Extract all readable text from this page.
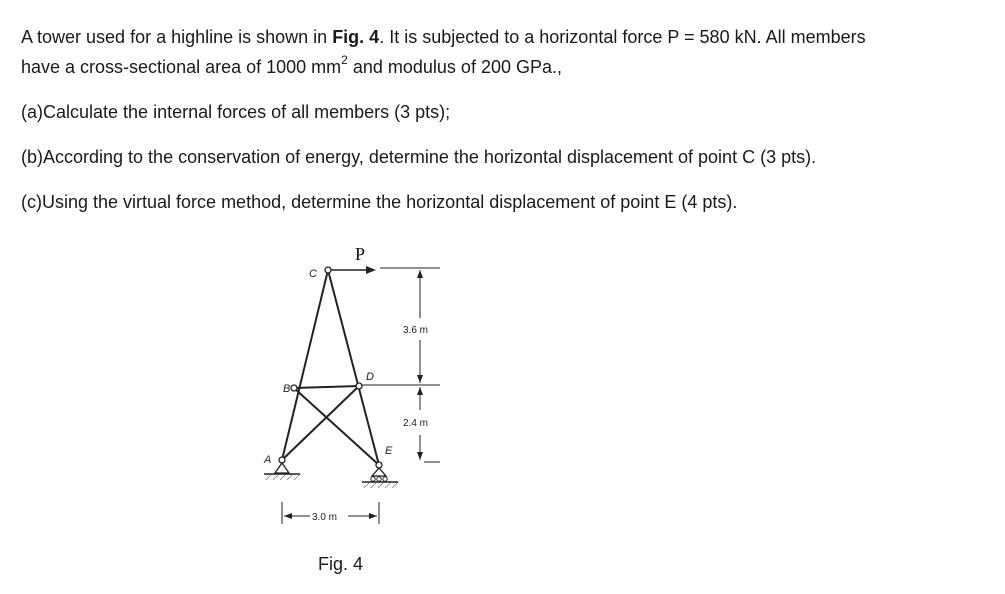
A tower used for a highline is shown in Fig. 4. It is subjected to a horizontal force P = 580 kN. All members
have a cross-sectional area of 1000 $mm^2$ and modulus of 200 GPa.,

(a)Calculate the internal forces of all members (3 pts);

(b)According to the conservation of energy, determine the horizontal displacement of point C (3 pts).

(c)Using the virtual force method, determine the horizontal displacement of point E (4 pts).

P
C
B
D
A
E
3.6 m
2.4 m
3.0 m
Fig. 4
